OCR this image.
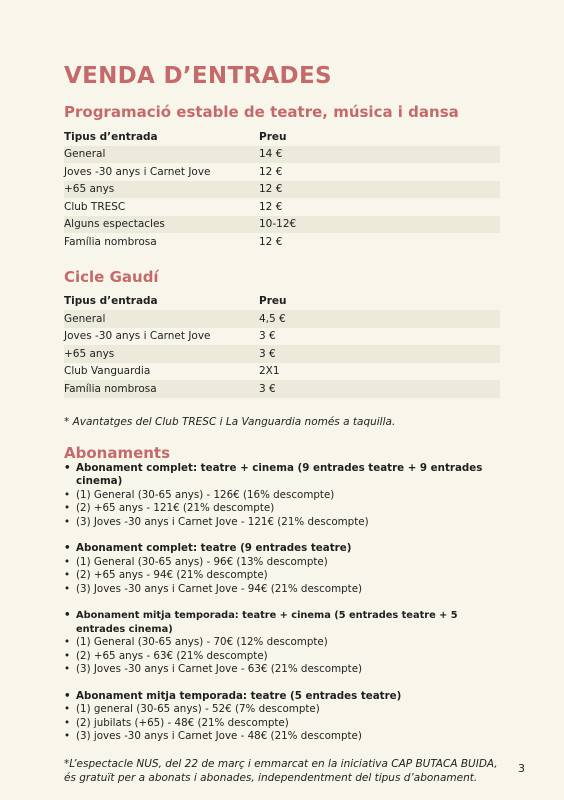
VENDA D’ENTRADES
Programació estable de teatre, música i dansa
Tipus d’entrada	Preu
General	14 €
Joves -30 anys i Carnet Jove	12 €
+65 anys	12 €
Club TRESC	12 €
Alguns espectacles	10-12€
Família nombrosa	12 €
Cicle Gaudí
Tipus d’entrada	Preu
General	4,5 €
Joves -30 anys i Carnet Jove	3 €
+65 anys	3 €
Club Vanguardia	2X1
Família nombrosa	3 €

* Avantatges del Club TRESC i La Vanguardia només a taquilla.

Abonaments
• Abonament complet: teatre + cinema (9 entrades teatre + 9 entrades cinema)
• (1) General (30-65 anys) - 126€ (16% descompte)
• (2) +65 anys - 121€ (21% descompte)
• (3) Joves -30 anys i Carnet Jove - 121€ (21% descompte)
• Abonament complet: teatre (9 entrades teatre)
• (1) General (30-65 anys) - 96€ (13% descompte)
• (2) +65 anys - 94€ (21% descompte)
• (3) Joves -30 anys i Carnet Jove - 94€ (21% descompte)
• Abonament mitja temporada: teatre + cinema (5 entrades teatre + 5 entrades cinema)
• (1) General (30-65 anys) - 70€ (12% descompte)
• (2) +65 anys - 63€ (21% descompte)
• (3) Joves -30 anys i Carnet Jove - 63€ (21% descompte)
• Abonament mitja temporada: teatre (5 entrades teatre)
• (1) general (30-65 anys) - 52€ (7% descompte)
• (2) jubilats (+65) - 48€ (21% descompte)
• (3) joves -30 anys i Carnet Jove - 48€ (21% descompte)

*L’espectacle NUS, del 22 de març i emmarcat en la iniciativa CAP BUTACA BUIDA, és gratuït per a abonats i abonades, independentment del tipus d’abonament.

3
